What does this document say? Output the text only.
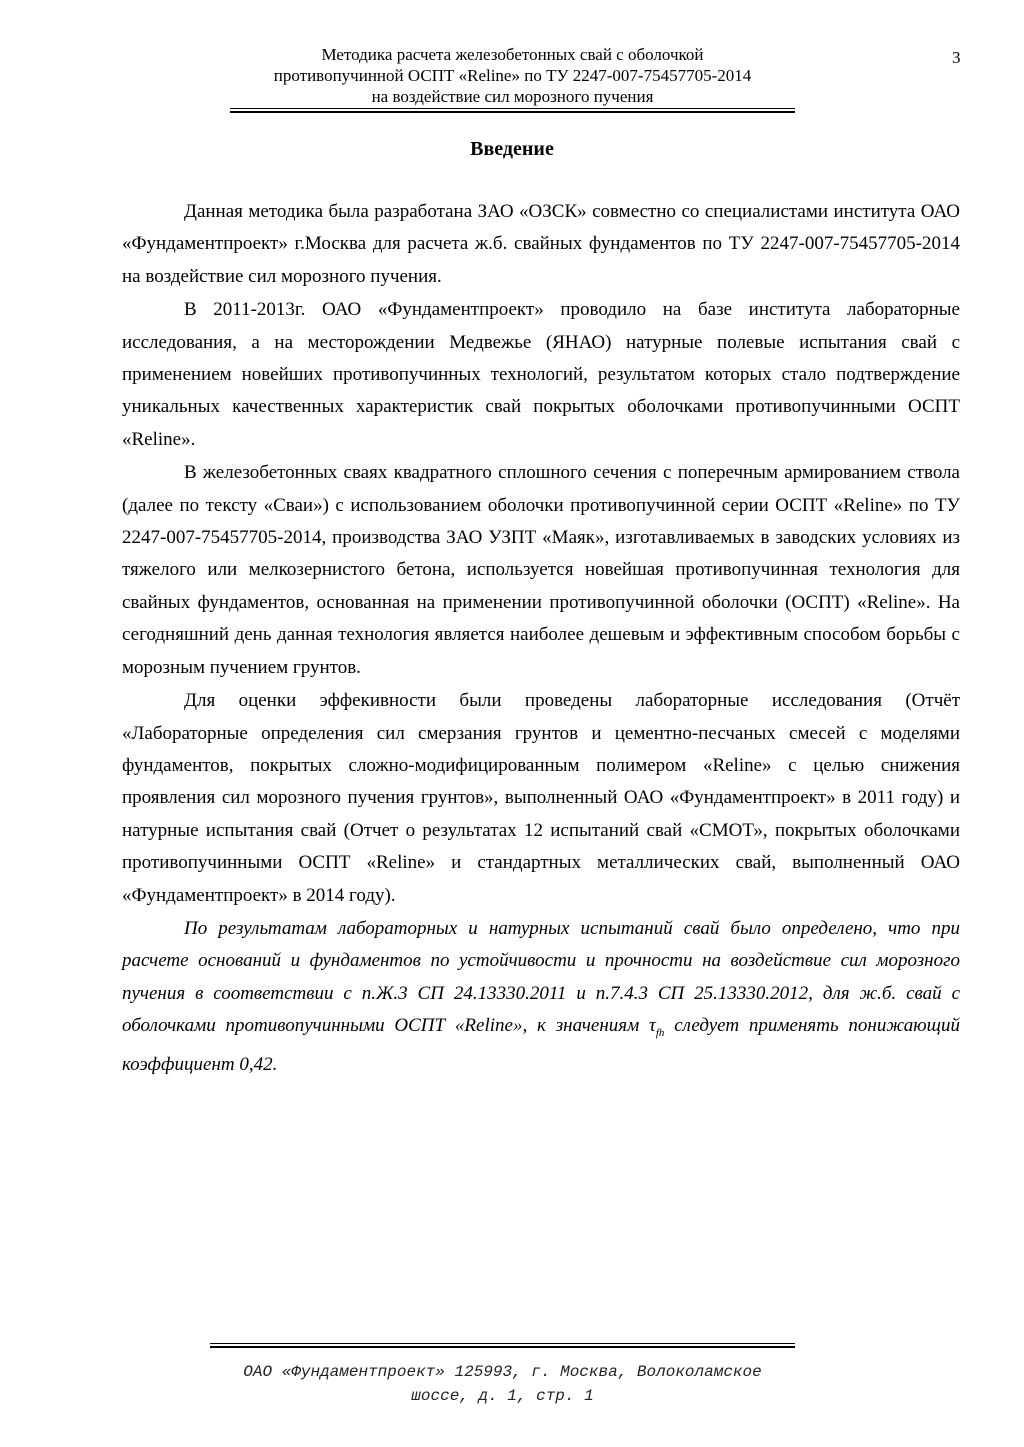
Методика расчета железобетонных свай с оболочкой
противопучинной ОСПТ «Reline» по ТУ 2247-007-75457705-2014
на воздействие сил морозного пучения
3
Введение

Данная методика была разработана ЗАО «ОЗСК» совместно со специалистами института ОАО «Фундаментпроект» г.Москва для расчета ж.б. свайных фундаментов по ТУ 2247-007-75457705-2014 на воздействие сил морозного пучения.

В 2011-2013г. ОАО «Фундаментпроект» проводило на базе института лабораторные исследования, а на месторождении Медвежье (ЯНАО) натурные полевые испытания свай с применением новейших противопучинных технологий, результатом которых стало подтверждение уникальных качественных характеристик свай покрытых оболочками противопучинными ОСПТ «Reline».

В железобетонных сваях квадратного сплошного сечения с поперечным армированием ствола (далее по тексту «Сваи») с использованием оболочки противопучинной серии ОСПТ «Reline» по ТУ 2247-007-75457705-2014, производства ЗАО УЗПТ «Маяк», изготавливаемых в заводских условиях из тяжелого или мелкозернистого бетона, используется новейшая противопучинная технология для свайных фундаментов, основанная на применении противопучинной оболочки (ОСПТ) «Reline». На сегодняшний день данная технология является наиболее дешевым и эффективным способом борьбы с морозным пучением грунтов.

Для оценки эффекивности были проведены лабораторные исследования (Отчёт «Лабораторные определения сил смерзания грунтов и цементно-песчаных смесей с моделями фундаментов, покрытых сложно-модифицированным полимером «Reline» с целью снижения проявления сил морозного пучения грунтов», выполненный ОАО «Фундаментпроект» в 2011 году) и натурные испытания свай (Отчет о результатах 12 испытаний свай «СМОТ», покрытых оболочками противопучинными ОСПТ «Reline» и стандартных металлических свай, выполненный ОАО «Фундаментпроект» в 2014 году).

По результатам лабораторных и натурных испытаний свай было определено, что при расчете оснований и фундаментов по устойчивости и прочности на воздействие сил морозного пучения в соответствии с п.Ж.3 СП 24.13330.2011 и п.7.4.3 СП 25.13330.2012, для ж.б. свай с оболочками противопучинными ОСПТ «Reline», к значениям $\tau_{fh}$ следует применять понижающий коэффициент 0,42.

ОАО «Фундаментпроект» 125993, г. Москва, Волоколамское
шоссе, д. 1, стр. 1
